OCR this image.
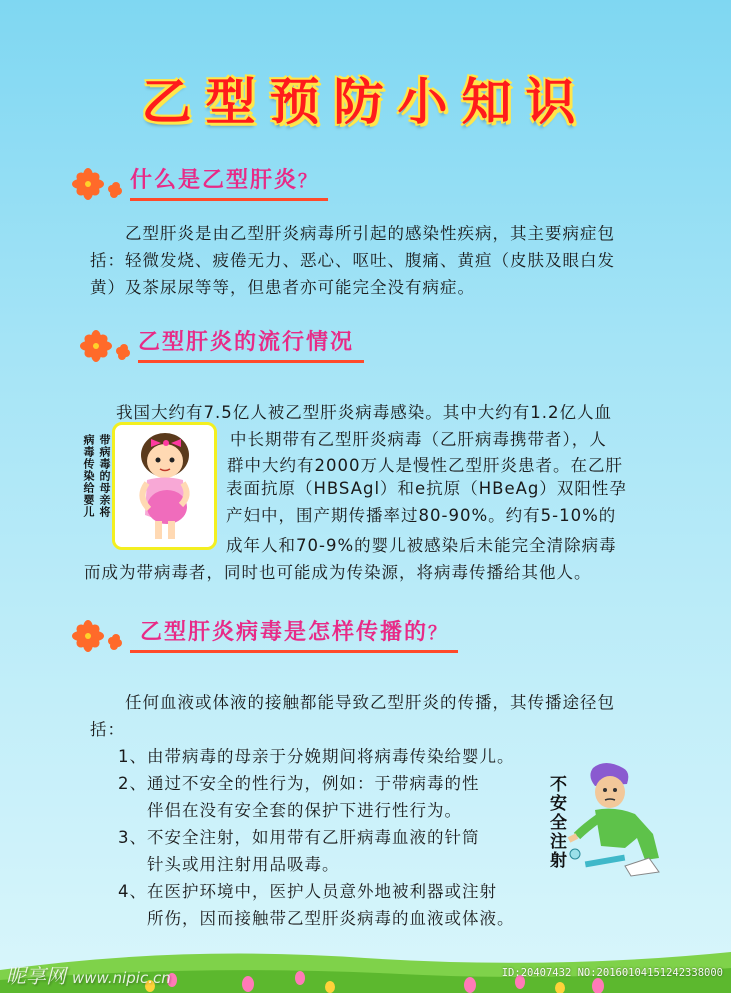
乙型预防小知识
什么是乙型肝炎？
　　乙型肝炎是由乙型肝炎病毒所引起的感染性疾病，其主要病症包
括：轻微发烧、疲倦无力、恶心、呕吐、腹痛、黄疸（皮肤及眼白发
黄）及茶尿尿等等，但患者亦可能完全没有病症。
乙型肝炎的流行情况
我国大约有7.5亿人被乙型肝炎病毒感染。其中大约有1.2亿人血
中长期带有乙型肝炎病毒（乙肝病毒携带者），人
群中大约有2000万人是慢性乙型肝炎患者。在乙肝
表面抗原（HBSAgl）和e抗原（HBeAg）双阳性孕
产妇中，围产期传播率过80-90%。约有5-10%的
成年人和70-9%的婴儿被感染后未能完全清除病毒
而成为带病毒者，同时也可能成为传染源，将病毒传播给其他人。
病毒传染给婴儿 带病毒的母亲将
乙型肝炎病毒是怎样传播的？
　　任何血液或体液的接触都能导致乙型肝炎的传播，其传播途径包
括：
1、由带病毒的母亲于分娩期间将病毒传染给婴儿。
2、通过不安全的性行为，例如：于带病毒的性
伴侣在没有安全套的保护下进行性行为。
3、不安全注射，如用带有乙肝病毒血液的针筒
针头或用注射用品吸毒。
4、在医护环境中，医护人员意外地被利器或注射
所伤，因而接触带乙型肝炎病毒的血液或体液。
不安全注射
昵享网 www.nipic.cn	ID:20407432 NO:20160104151242338000
